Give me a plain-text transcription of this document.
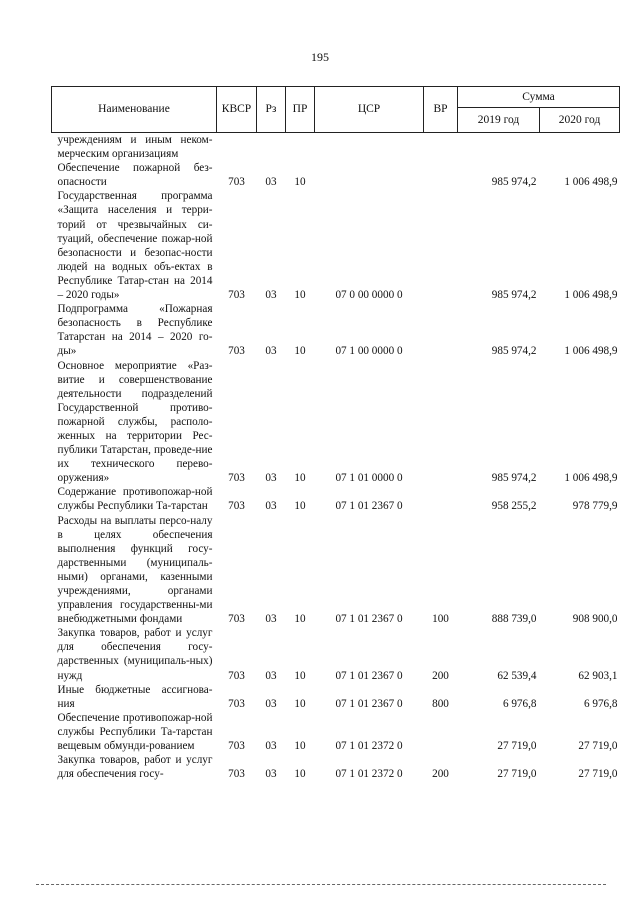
195
Наименование	КВСР	Рз	ПР	ЦСР	ВР	Сумма	
						2019 год	2020 год
учреждениям и иным неком-мерческим организациям							
Обеспечение пожарной без-опасности	703	03	10			985 974,2	1 006 498,9
Государственная программа «Защита населения и терри-торий от чрезвычайных си-туаций, обеспечение пожар-ной безопасности и безопас-ности людей на водных объ-ектах в Республике Татар-стан на 2014 – 2020 годы»	703	03	10	07 0 00 0000 0		985 974,2	1 006 498,9
Подпрограмма «Пожарная безопасность в Республике Татарстан на 2014 – 2020 го-ды»	703	03	10	07 1 00 0000 0		985 974,2	1 006 498,9
Основное мероприятие «Раз-витие и совершенствование деятельности подразделений Государственной противо-пожарной службы, располо-женных на территории Рес-публики Татарстан, проведе-ние их технического перево-оружения»	703	03	10	07 1 01 0000 0		985 974,2	1 006 498,9
Содержание противопожар-ной службы Республики Та-тарстан	703	03	10	07 1 01 2367 0		958 255,2	978 779,9
Расходы на выплаты персо-налу в целях обеспечения выполнения функций госу-дарственными (муниципаль-ными) органами, казенными учреждениями, органами управления государственны-ми внебюджетными фондами	703	03	10	07 1 01 2367 0	100	888 739,0	908 900,0
Закупка товаров, работ и услуг для обеспечения госу-дарственных (муниципаль-ных) нужд	703	03	10	07 1 01 2367 0	200	62 539,4	62 903,1
Иные бюджетные ассигнова-ния	703	03	10	07 1 01 2367 0	800	6 976,8	6 976,8
Обеспечение противопожар-ной службы Республики Та-тарстан вещевым обмунди-рованием	703	03	10	07 1 01 2372 0		27 719,0	27 719,0
Закупка товаров, работ и услуг для обеспечения госу-	703	03	10	07 1 01 2372 0	200	27 719,0	27 719,0
